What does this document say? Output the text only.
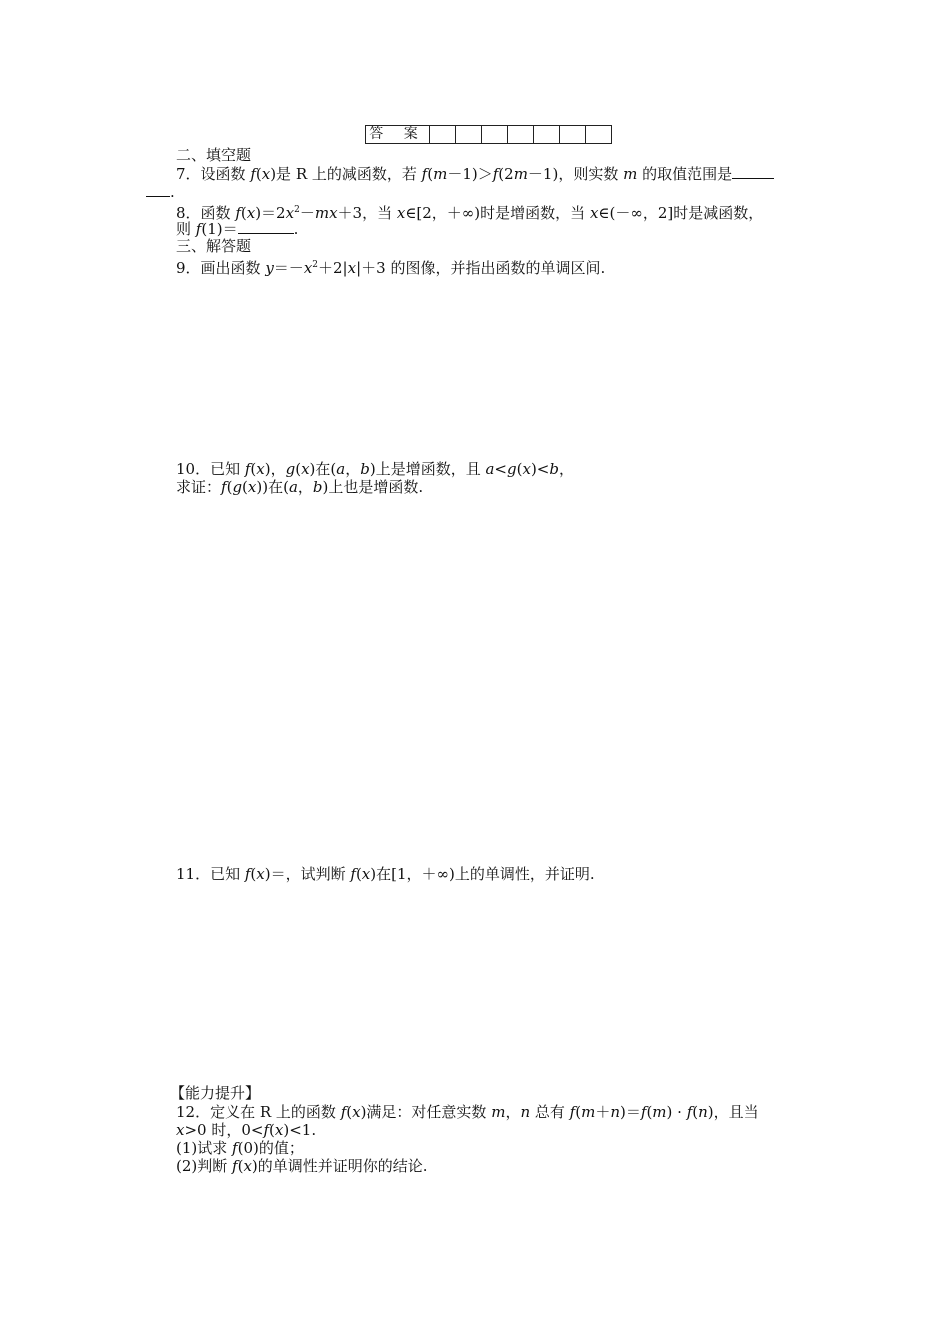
答 案							
二、填空题
7．设函数 f(x)是 R 上的减函数，若 f(m－1)＞f(2m－1)，则实数 m 的取值范围是
.
8．函数 $f(x)=2x^2-mx+3$，当 x∈[2，＋∞)时是增函数，当 x∈(－∞，2]时是减函数，
则 f(1)＝	.
三、解答题
9．画出函数 $y=-x^2+2|x|+3$ 的图像，并指出函数的单调区间.
10．已知 f(x)，g(x)在(a，b)上是增函数，且 a<g(x)<b，
求证：f(g(x))在(a，b)上也是增函数.
11．已知 f(x)＝，试判断 f(x)在[1，＋∞)上的单调性，并证明.
【能力提升】
12．定义在 R 上的函数 f(x)满足：对任意实数 m，n 总有 f(m＋n)＝f(m) · f(n)，且当
x>0 时，0<f(x)<1.
(1)试求 f(0)的值；
(2)判断 f(x)的单调性并证明你的结论.
